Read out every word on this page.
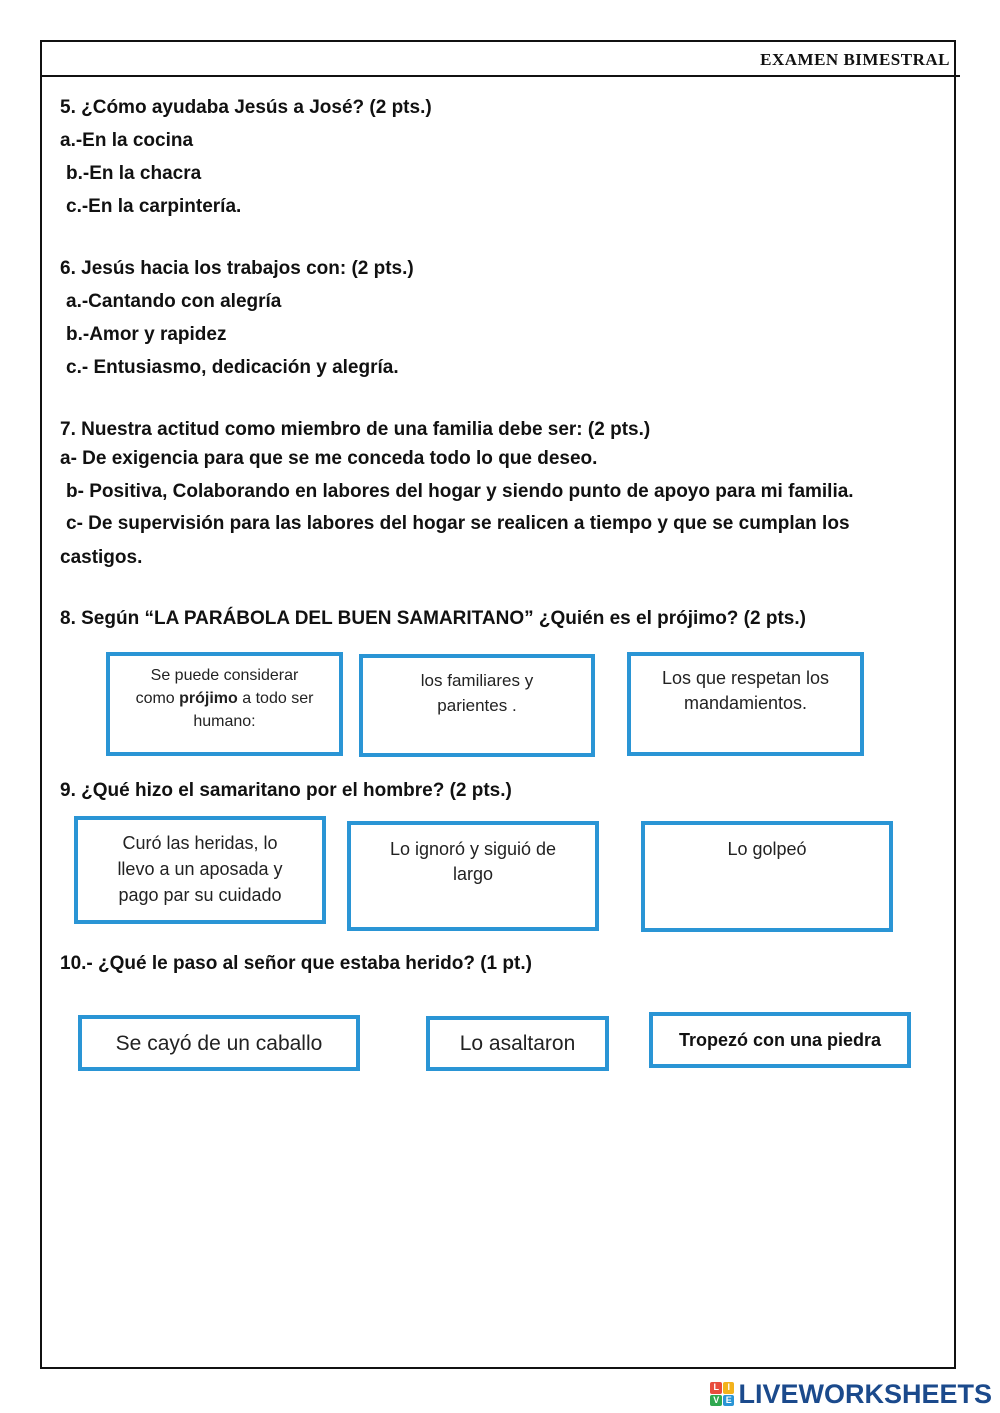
EXAMEN BIMESTRAL
5. ¿Cómo ayudaba Jesús a José? (2 pts.)
a.-En la cocina
b.-En la chacra
c.-En la carpintería.
6. Jesús hacia los trabajos con: (2 pts.)
a.-Cantando con alegría
b.-Amor y rapidez
c.- Entusiasmo, dedicación y alegría.
7. Nuestra actitud como miembro de una familia debe ser: (2 pts.)
a- De exigencia para que se me conceda todo lo que deseo.
b- Positiva, Colaborando en labores del hogar y siendo punto de apoyo para mi familia.
c- De supervisión para las labores del hogar se realicen a tiempo y que se cumplan los
castigos.
8. Según “LA PARÁBOLA DEL BUEN SAMARITANO” ¿Quién es el prójimo? (2 pts.)
Se puede considerar
como prójimo a todo ser
humano:
los familiares y
parientes .
Los que respetan los
mandamientos.
9. ¿Qué hizo el samaritano por el hombre? (2 pts.)
Curó las heridas, lo
llevo a un aposada y
pago par su cuidado
Lo ignoró y siguió de
largo
Lo golpeó
10.- ¿Qué le paso al señor que estaba herido? (1 pt.)
Se cayó de un caballo	Lo asaltaron	Tropezó con una piedra
L I
V E LIVEWORKSHEETS
